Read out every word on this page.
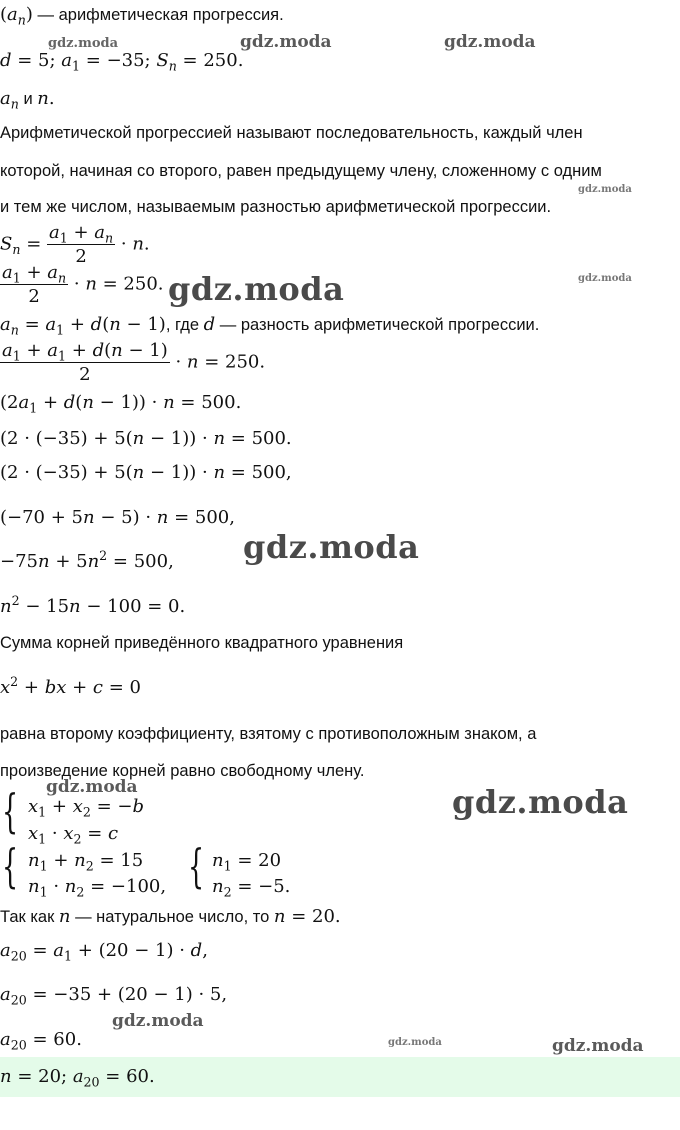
$(a_n)$ — арифметическая прогрессия.
d = 5; $a_1 = -35$; $S_n = 250$.
$a_n$ и n.
Арифметической прогрессией называют последовательность, каждый член
которой, начиная со второго, равен предыдущему члену, сложенному с одним
и тем же числом, называемым разностью арифметической прогрессии.
$S_n = \frac{a_1 + a_n}{2} \cdot n$.
$\frac{a_1 + a_n}{2} \cdot n = 250$.
$a_n = a_1 + d(n - 1)$, где d — разность арифметической прогрессии.
$\frac{a_1 + a_1 + d(n - 1)}{2} \cdot n = 250$.
$(2a_1 + d(n - 1)) \cdot n = 500$.
(2 · (−35) + 5(n − 1)) · n = 500.
(2 · (−35) + 5(n − 1)) · n = 500,
(−70 + 5n − 5) · n = 500,
$-75n + 5n^2 = 500$,
$n^2 - 15n - 100 = 0$.
Сумма корней приведённого квадратного уравнения
$x^2$ + bx + c = 0
равна второму коэффициенту, взятому с противоположным знаком, а
произведение корней равно свободному члену.
{ $x_1 + x_2 = -b$
$x_1 \cdot x_2 = c$
{ $n_1 + n_2 = 15$
$n_1 \cdot n_2 = -100$, { $n_1 = 20$
$n_2 = -5$.
Так как n — натуральное число, то n = 20.
$a_{20} = a_1 + (20 - 1) \cdot d$,
$a_{20} = -35 + (20 - 1) \cdot 5$,
$a_{20} = 60$.
n = 20; $a_{20} = 60$.
gdz.moda	gdz.moda	gdz.moda
gdz.moda
gdz.moda
gdz.moda
gdz.moda
gdz.moda	gdz.moda
gdz.moda
gdz.moda	gdz.moda
